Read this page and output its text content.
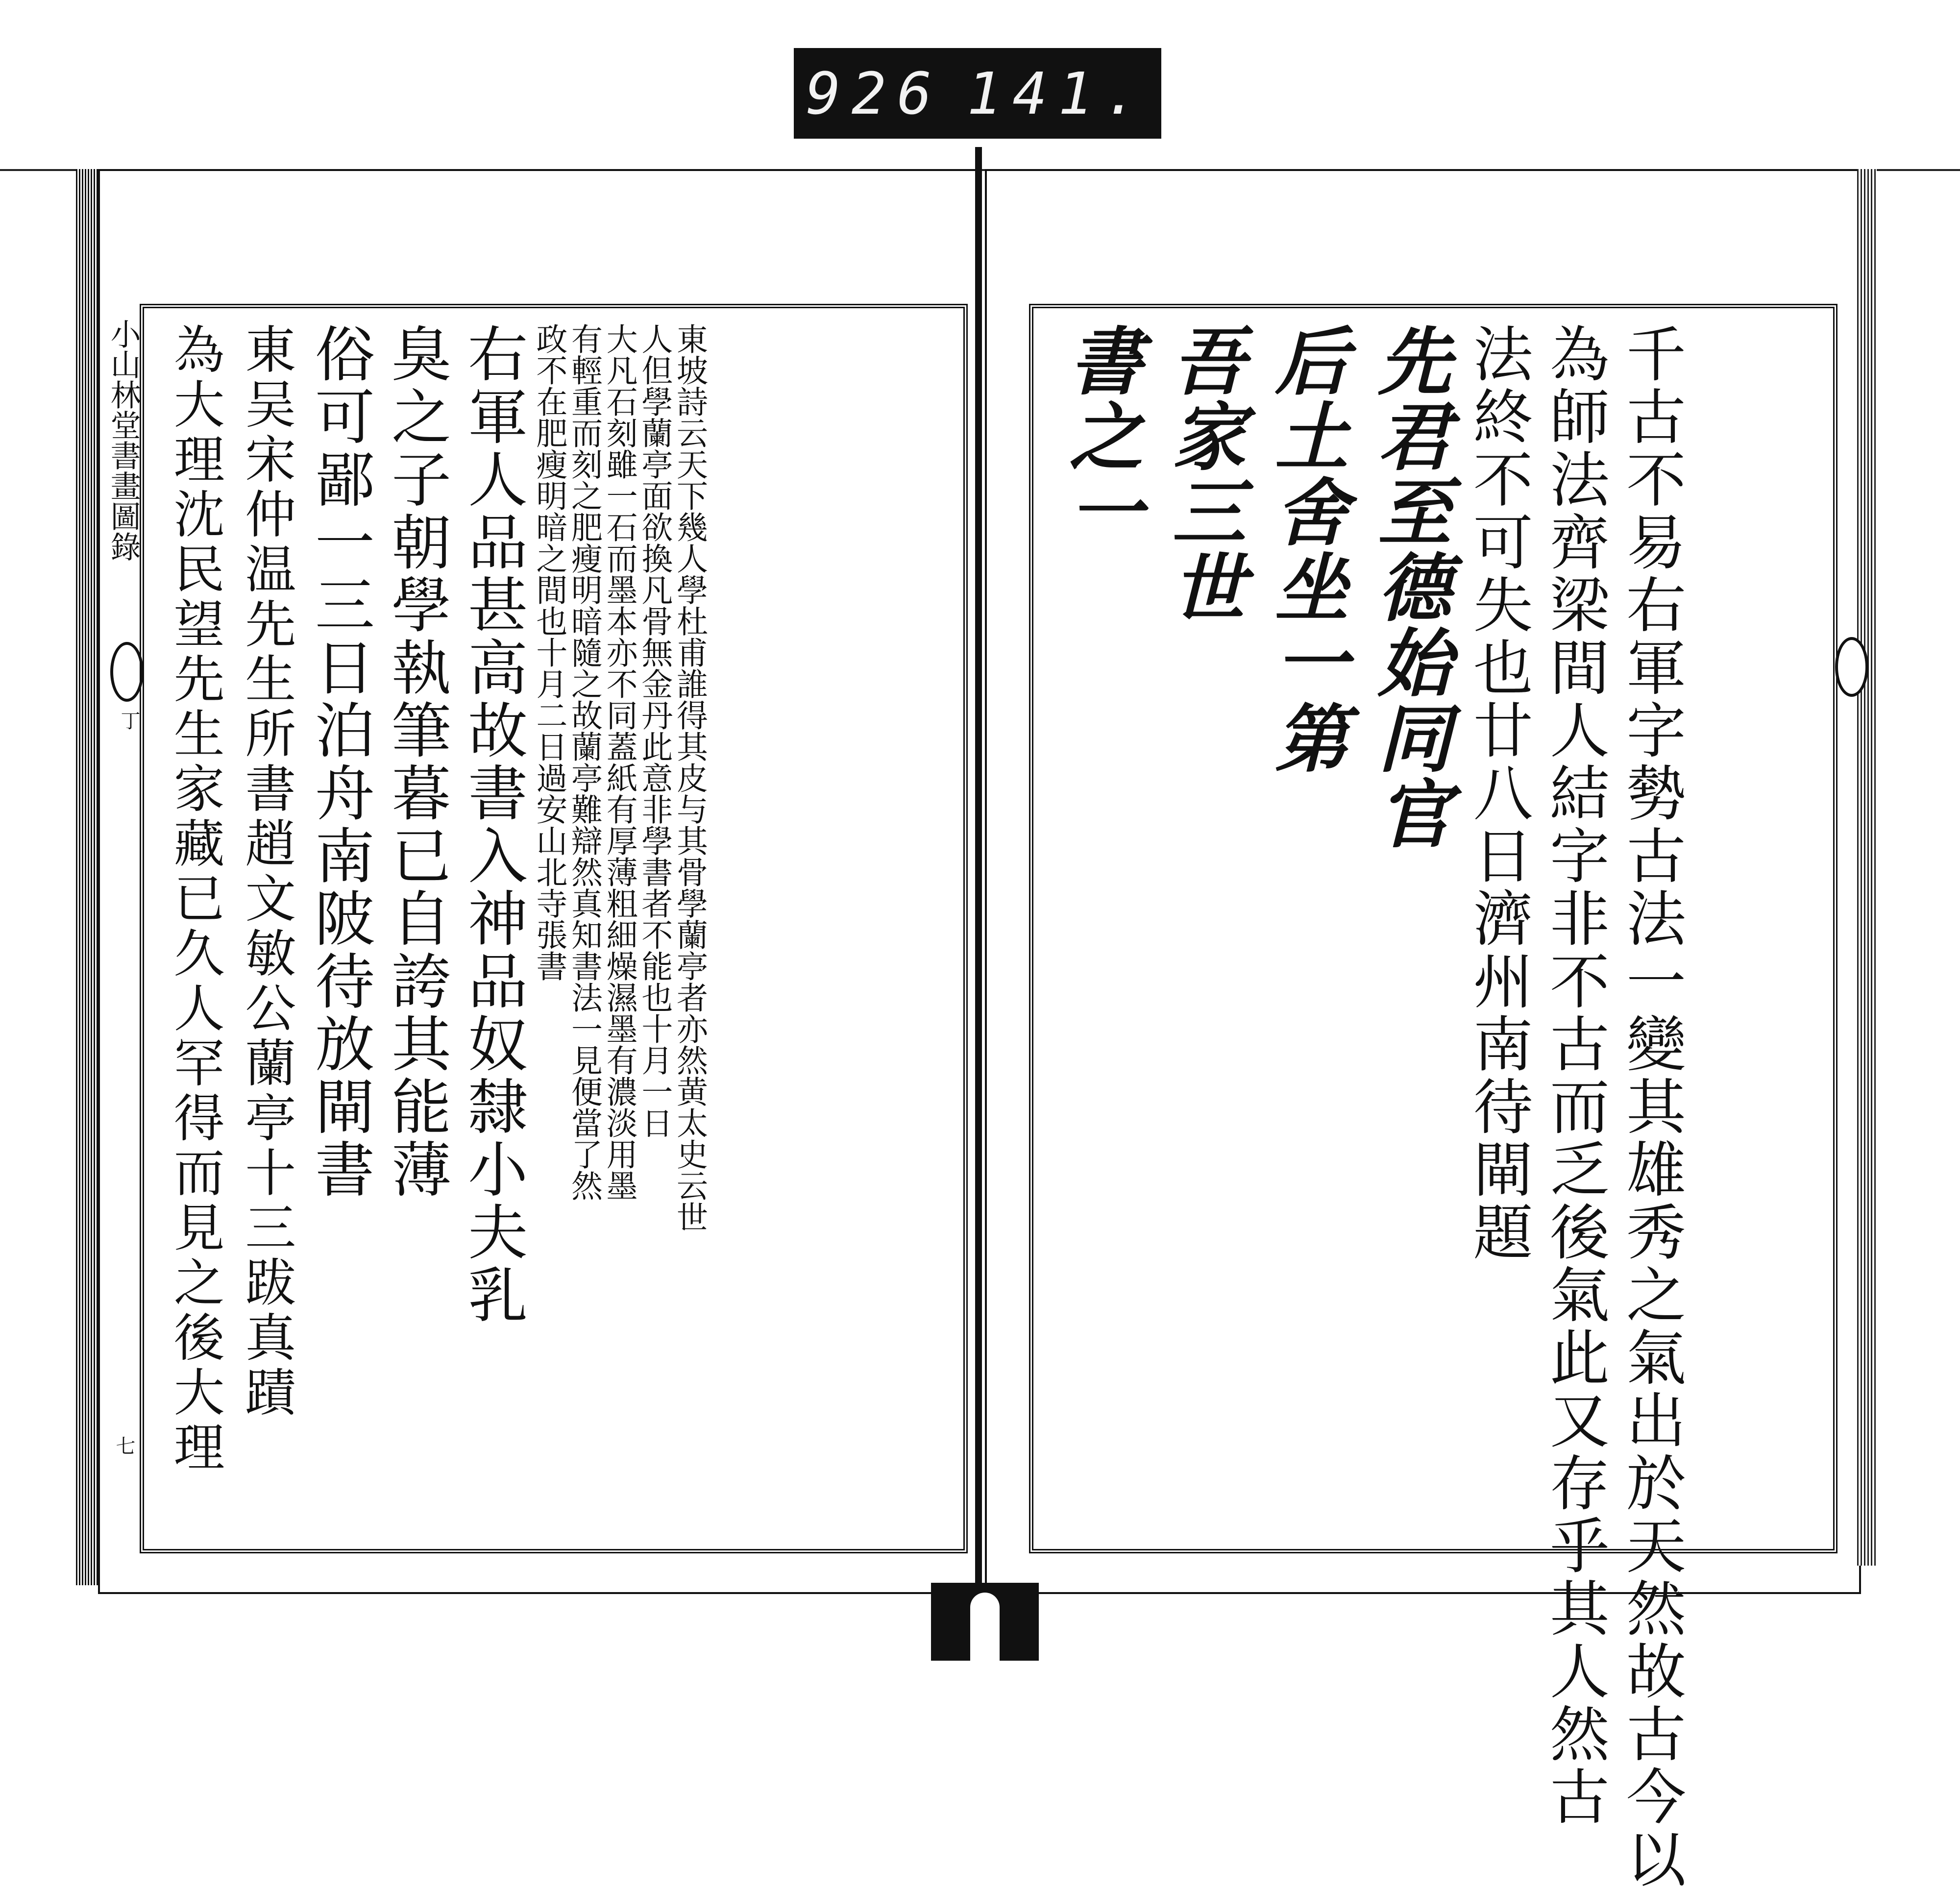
926 141.
小山林堂書畫圖錄
丁
七
東坡詩云天下幾人學杜甫誰得其皮与其骨學蘭亭者亦然黄太史云世
人但學蘭亭面欲換凡骨無金丹此意非學書者不能也十月一日
大凡石刻雖一石而墨本亦不同蓋紙有厚薄粗細燥濕墨有濃淡用墨
有輕重而刻之肥瘦明暗隨之故蘭亭難辯然真知書法一見便當了然
政不在肥瘦明暗之間也十月二日過安山北寺張書
右軍人品甚高故書入神品奴隸小夫乳
臭之子朝學執筆暮已自誇其能薄
俗可鄙一三日泊舟南陂待放閘書
東吴宋仲温先生所書趙文敏公蘭亭十三跋真蹟
為大理沈民望先生家藏已久人罕得而見之後大理	千古不易右軍字勢古法一變其雄秀之氣出於天然故古今以
為師法齊梁間人結字非不古而乏後氣此又存乎其人然古
法終不可失也廿八日濟州南待閘題
先君至德始同官
后土舍坐一第
吾家三世
書之一
